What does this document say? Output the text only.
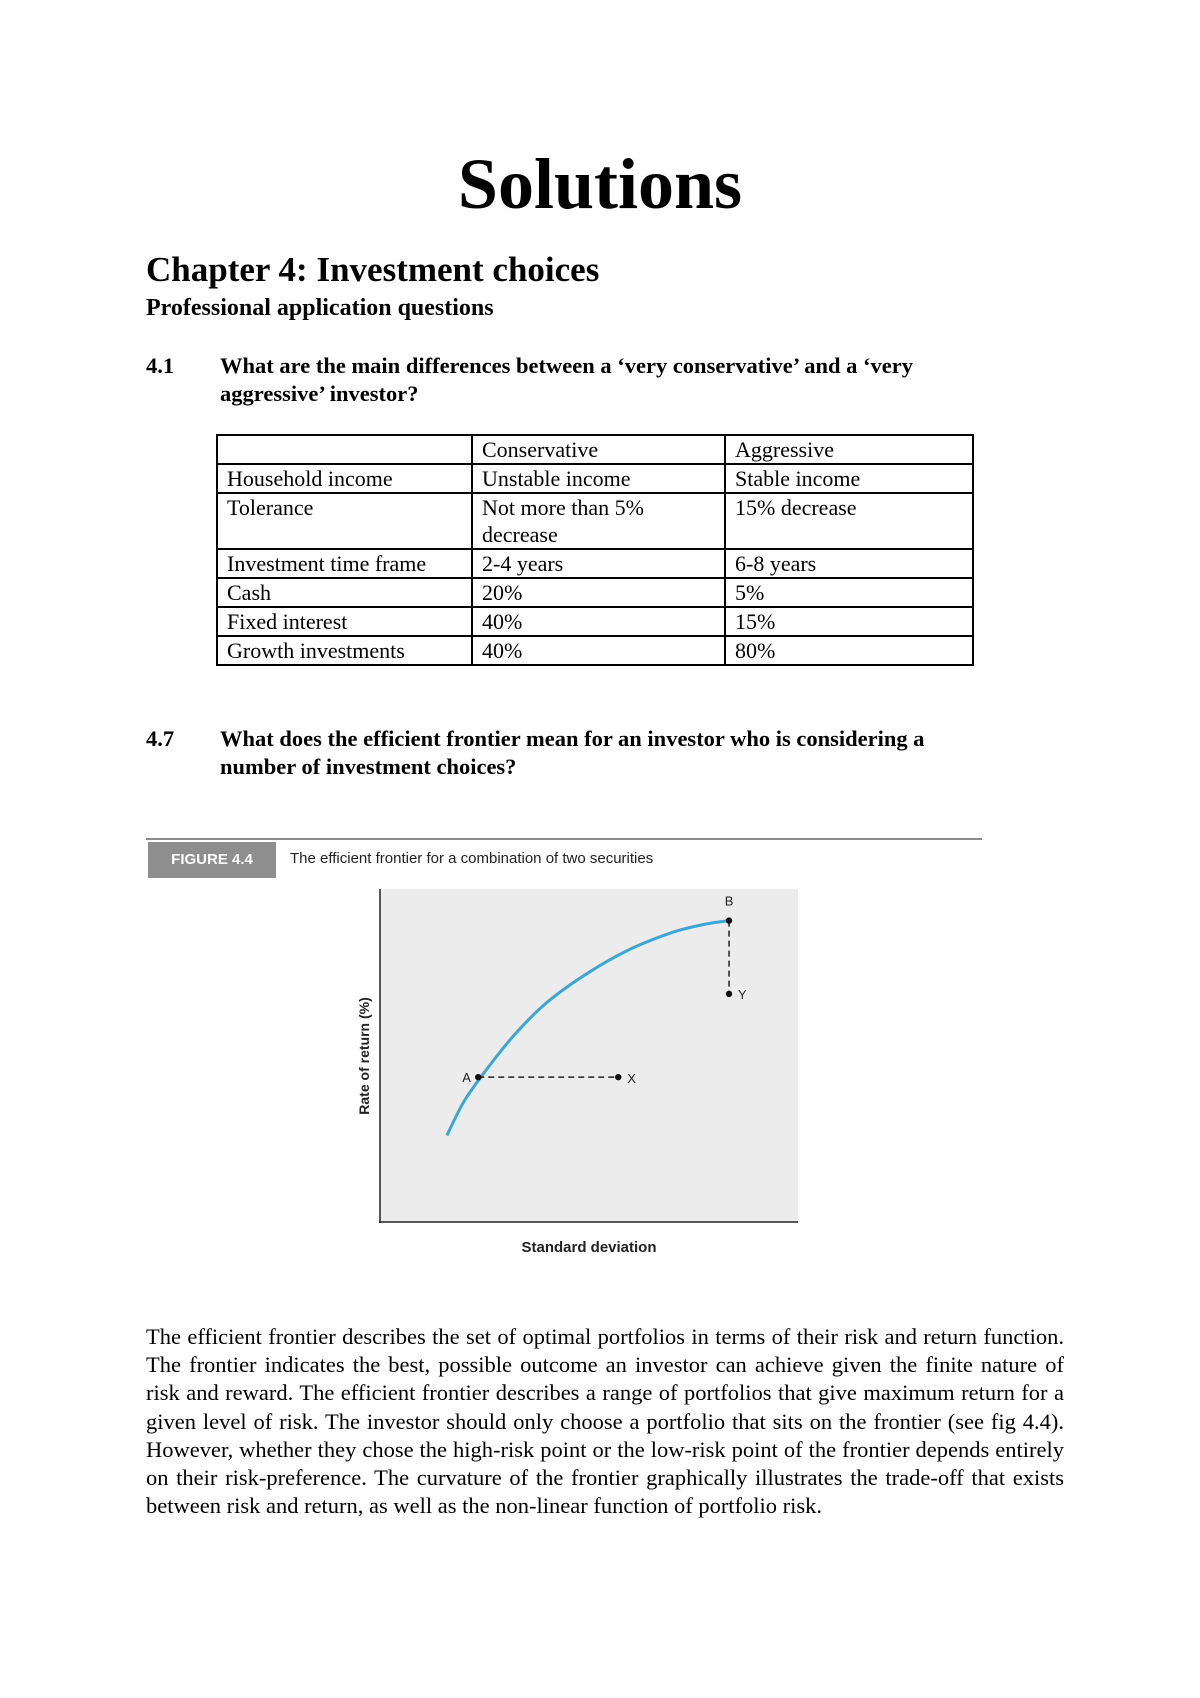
Solutions
Chapter 4: Investment choices
Professional application questions
4.1 What are the main differences between a ‘very conservative’ and a ‘very aggressive’ investor?
	Conservative	Aggressive
Household income	Unstable income	Stable income
Tolerance	Not more than 5% decrease	15% decrease
Investment time frame	2-4 years	6-8 years
Cash	20%	5%
Fixed interest	40%	15%
Growth investments	40%	80%
4.7 What does the efficient frontier mean for an investor who is considering a number of investment choices?
FIGURE 4.4	The efficient frontier for a combination of two securities
Standard deviation
Rate of return (%)	A	X
B
Y
The efficient frontier describes the set of optimal portfolios in terms of their risk and return function. The frontier indicates the best, possible outcome an investor can achieve given the finite nature of risk and reward. The efficient frontier describes a range of portfolios that give maximum return for a given level of risk. The investor should only choose a portfolio that sits on the frontier (see fig 4.4). However, whether they chose the high-risk point or the low-risk point of the frontier depends entirely on their risk-preference. The curvature of the frontier graphically illustrates the trade-off that exists between risk and return, as well as the non-linear function of portfolio risk.
